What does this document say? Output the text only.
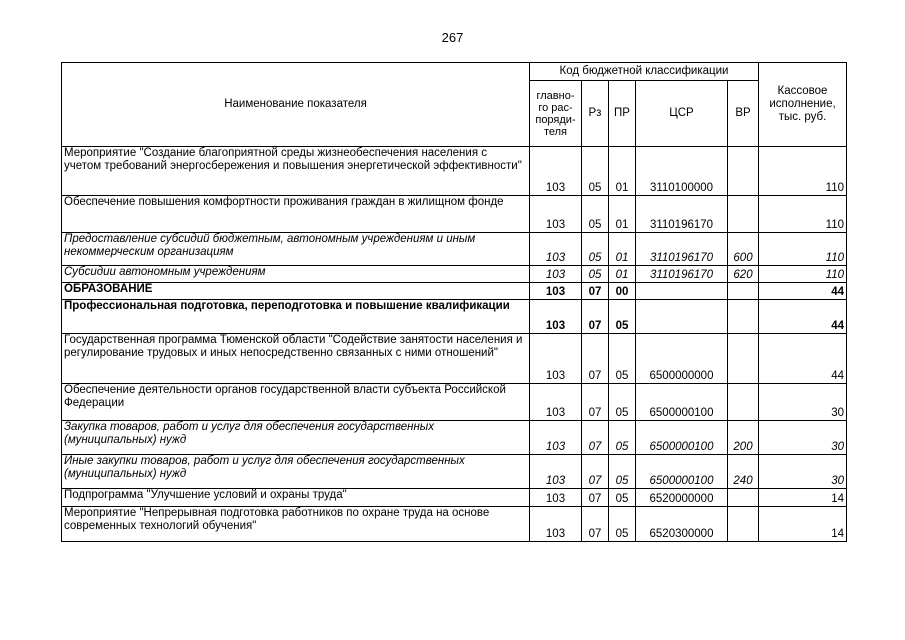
267
Наименование показателя	Код бюджетной классификации					Кассовое исполнение, тыс. руб.
	главно-го рас-поряди-теля	Рз	ПР	ЦСР	ВР	
Мероприятие "Создание благоприятной среды жизнеобеспечения населения с учетом требований энергосбережения и повышения энергетической эффективности"	103	05	01	3110100000		110
Обеспечение повышения комфортности проживания граждан в жилищном фонде	103	05	01	3110196170		110
Предоставление субсидий бюджетным, автономным учреждениям и иным некоммерческим организациям	103	05	01	3110196170	600	110
Субсидии автономным учреждениям	103	05	01	3110196170	620	110
ОБРАЗОВАНИЕ	103	07	00			44
Профессиональная подготовка, переподготовка и повышение квалификации	103	07	05			44
Государственная программа Тюменской области "Содействие занятости населения и регулирование трудовых и иных непосредственно связанных с ними отношений"	103	07	05	6500000000		44
Обеспечение деятельности органов государственной власти субъекта Российской Федерации	103	07	05	6500000100		30
Закупка товаров, работ и услуг для обеспечения государственных (муниципальных) нужд	103	07	05	6500000100	200	30
Иные закупки товаров, работ и услуг для обеспечения государственных (муниципальных) нужд	103	07	05	6500000100	240	30
Подпрограмма "Улучшение условий и охраны труда"	103	07	05	6520000000		14
Мероприятие "Непрерывная подготовка работников по охране труда на основе современных технологий обучения"	103	07	05	6520300000		14
